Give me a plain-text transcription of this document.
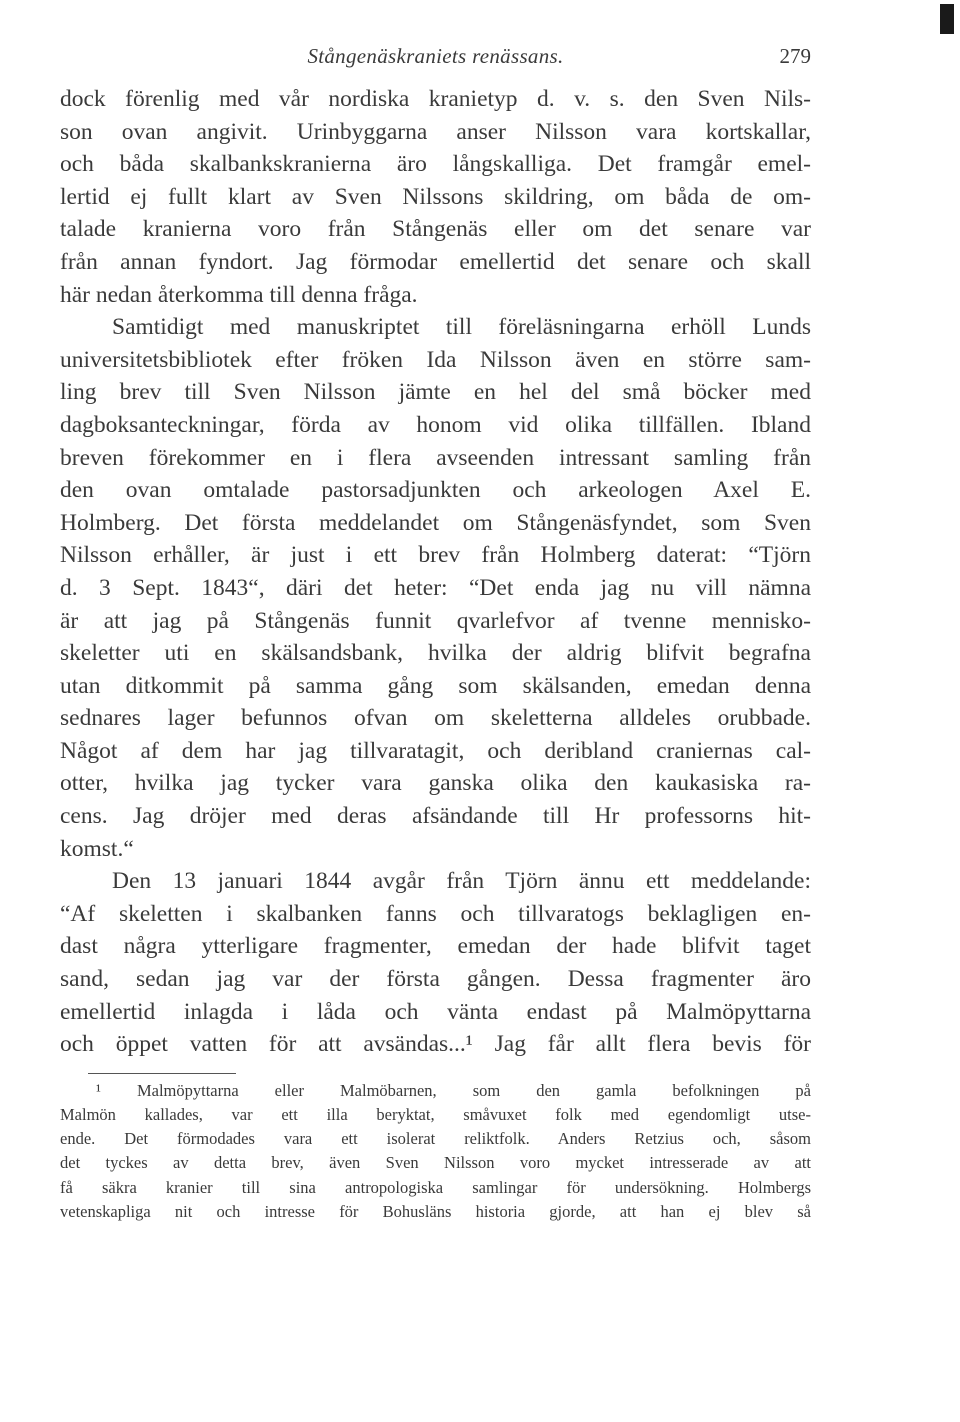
Stångenäskraniets renässans.	279
dock förenlig med vår nordiska kranietyp d. v. s. den Sven Nils-
son ovan angivit. Urinbyggarna anser Nilsson vara kortskallar,
och båda skalbankskranierna äro långskalliga. Det framgår emel-
lertid ej fullt klart av Sven Nilssons skildring, om båda de om-
talade kranierna voro från Stångenäs eller om det senare var
från annan fyndort. Jag förmodar emellertid det senare och skall
här nedan återkomma till denna fråga.
Samtidigt med manuskriptet till föreläsningarna erhöll Lunds
universitetsbibliotek efter fröken Ida Nilsson även en större sam-
ling brev till Sven Nilsson jämte en hel del små böcker med
dagboksanteckningar, förda av honom vid olika tillfällen. Ibland
breven förekommer en i flera avseenden intressant samling från
den ovan omtalade pastorsadjunkten och arkeologen Axel E.
Holmberg. Det första meddelandet om Stångenäsfyndet, som Sven
Nilsson erhåller, är just i ett brev från Holmberg daterat: “Tjörn
d. 3 Sept. 1843“, däri det heter: “Det enda jag nu vill nämna
är att jag på Stångenäs funnit qvarlefvor af tvenne mennisko-
skeletter uti en skälsandsbank, hvilka der aldrig blifvit begrafna
utan ditkommit på samma gång som skälsanden, emedan denna
sednares lager befunnos ofvan om skeletterna alldeles orubbade.
Något af dem har jag tillvaratagit, och deribland craniernas cal-
otter, hvilka jag tycker vara ganska olika den kaukasiska ra-
cens. Jag dröjer med deras afsändande till Hr professorns hit-
komst.“
Den 13 januari 1844 avgår från Tjörn ännu ett meddelande:
“Af skeletten i skalbanken fanns och tillvaratogs beklagligen en-
dast några ytterligare fragmenter, emedan der hade blifvit taget
sand, sedan jag var der första gången. Dessa fragmenter äro
emellertid inlagda i låda och vänta endast på Malmöpyttarna
och öppet vatten för att avsändas...¹ Jag får allt flera bevis för
¹ Malmöpyttarna eller Malmöbarnen, som den gamla befolkningen på
Malmön kallades, var ett illa beryktat, småvuxet folk med egendomligt utse-
ende. Det förmodades vara ett isolerat reliktfolk. Anders Retzius och, såsom
det tyckes av detta brev, även Sven Nilsson voro mycket intresserade av att
få säkra kranier till sina antropologiska samlingar för undersökning. Holmbergs
vetenskapliga nit och intresse för Bohusläns historia gjorde, att han ej blev så
